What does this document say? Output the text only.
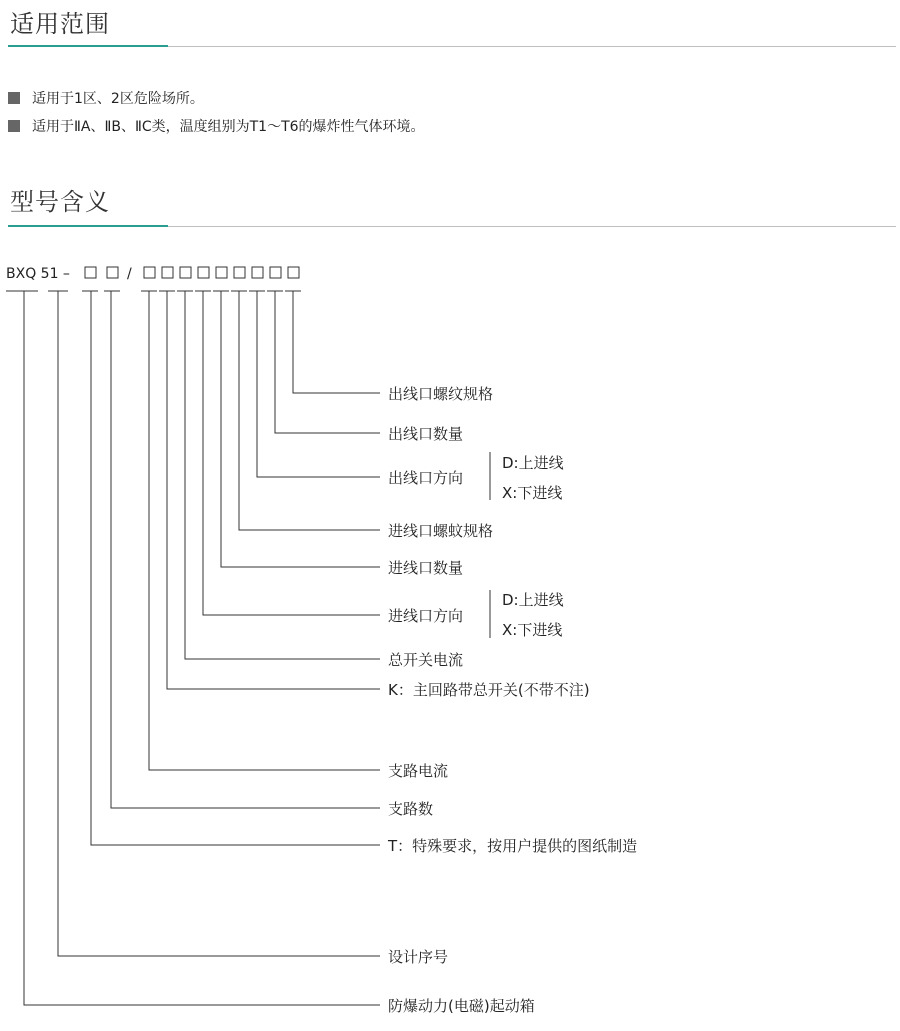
适用范围
适用于1区、2区危险场所。
适用于ⅡA、ⅡB、ⅡC类，温度组别为T1～T6的爆炸性气体环境。
型号含义
BXQ 51 –	/
出线口螺纹规格
出线口数量
出线口方向
D:上进线
X:下进线
进线口螺蚊规格
进线口数量
进线口方向
D:上进线
X:下进线
总开关电流
K：主回路带总开关(不带不注)
支路电流
支路数
T：特殊要求，按用户提供的图纸制造
设计序号
防爆动力(电磁)起动箱
